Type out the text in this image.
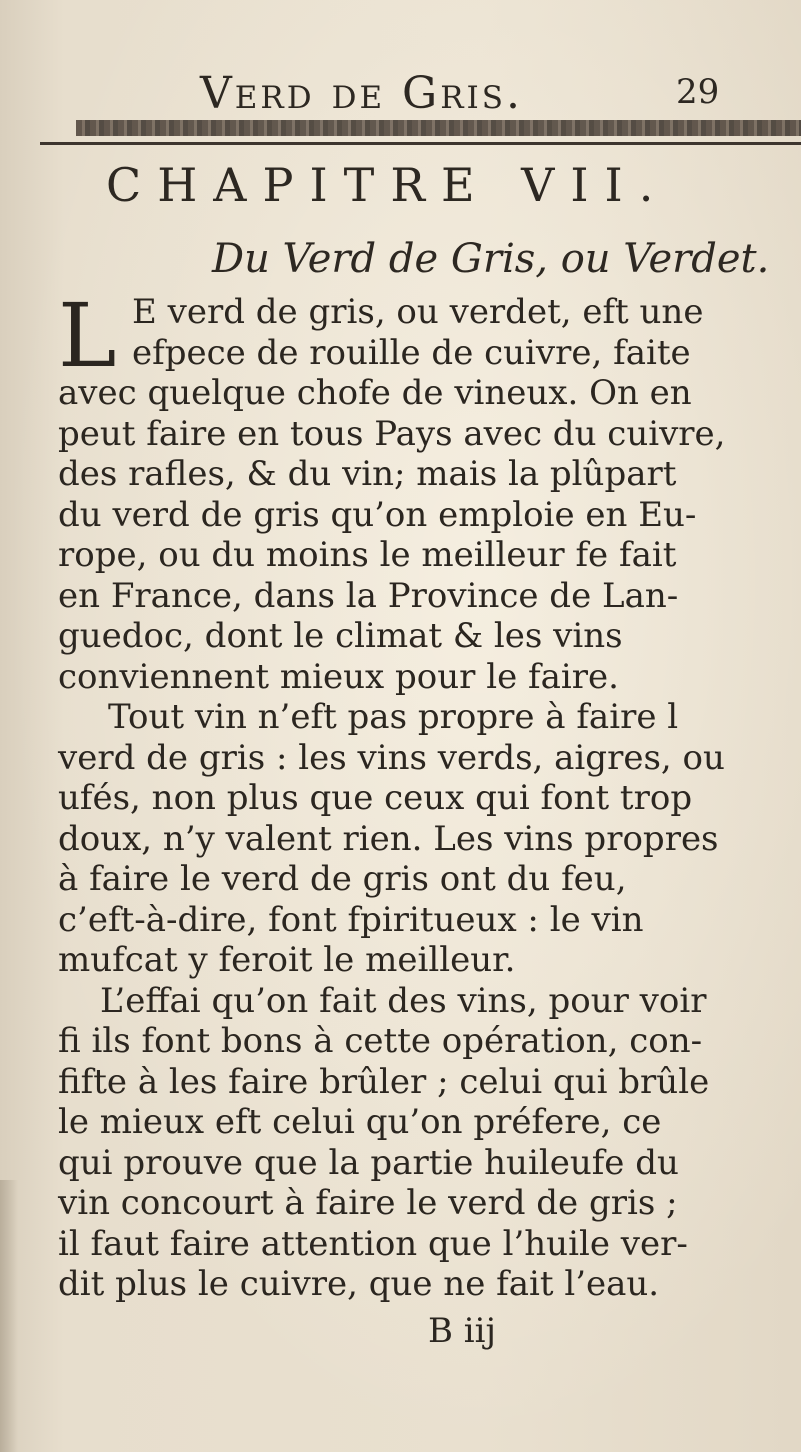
Verd de Gris.	29
CHAPITRE VII.
Du Verd de Gris, ou Verdet.
L E verd de gris, ou verdet, eft une
efpece de rouille de cuivre, faite
avec quelque chofe de vineux. On en
peut faire en tous Pays avec du cuivre,
des rafles, & du vin; mais la plûpart
du verd de gris qu’on emploie en Eu-
rope, ou du moins le meilleur fe fait
en France, dans la Province de Lan-
guedoc, dont le climat & les vins
conviennent mieux pour le faire.
Tout vin n’eft pas propre à faire l
verd de gris : les vins verds, aigres, ou
ufés, non plus que ceux qui font trop
doux, n’y valent rien. Les vins propres
à faire le verd de gris ont du feu,
c’eft-à-dire, font fpiritueux : le vin
mufcat y feroit le meilleur.
L’effai qu’on fait des vins, pour voir
fi ils font bons à cette opération, con-
fifte à les faire brûler ; celui qui brûle
le mieux eft celui qu’on préfere, ce
qui prouve que la partie huileufe du
vin concourt à faire le verd de gris ;
il faut faire attention que l’huile ver-
dit plus le cuivre, que ne fait l’eau.
B iij
